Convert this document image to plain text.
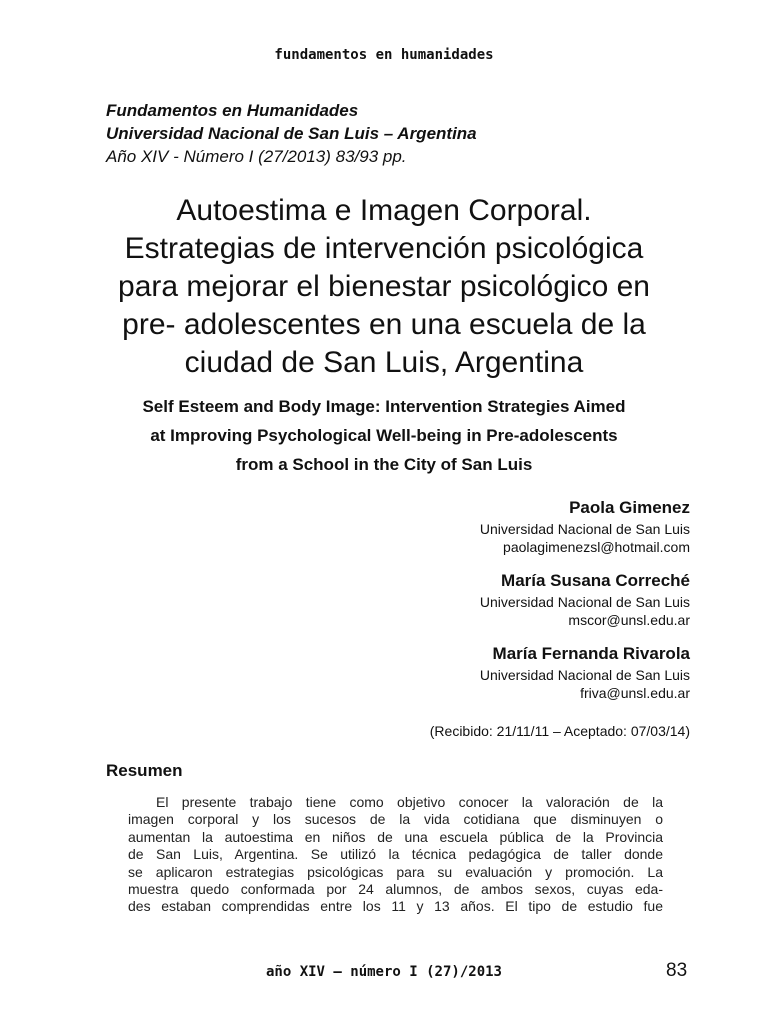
fundamentos en humanidades
Fundamentos en Humanidades
Universidad Nacional de San Luis – Argentina
Año XIV - Número I (27/2013) 83/93 pp.
Autoestima e Imagen Corporal.
Estrategias de intervención psicológica
para mejorar el bienestar psicológico en
pre- adolescentes en una escuela de la
ciudad de San Luis, Argentina
Self Esteem and Body Image: Intervention Strategies Aimed
at Improving Psychological Well-being in Pre-adolescents
from a School in the City of San Luis
Paola Gimenez
Universidad Nacional de San Luis
paolagimenezsl@hotmail.com
María Susana Correché
Universidad Nacional de San Luis
mscor@unsl.edu.ar
María Fernanda Rivarola
Universidad Nacional de San Luis
friva@unsl.edu.ar
(Recibido: 21/11/11 – Aceptado: 07/03/14)
Resumen
El presente trabajo tiene como objetivo conocer la valoración de la
imagen corporal y los sucesos de la vida cotidiana que disminuyen o
aumentan la autoestima en niños de una escuela pública de la Provincia
de San Luis, Argentina. Se utilizó la técnica pedagógica de taller donde
se aplicaron estrategias psicológicas para su evaluación y promoción. La
muestra quedo conformada por 24 alumnos, de ambos sexos, cuyas eda-
des estaban comprendidas entre los 11 y 13 años. El tipo de estudio fue
año XIV – número I (27)/2013	83
